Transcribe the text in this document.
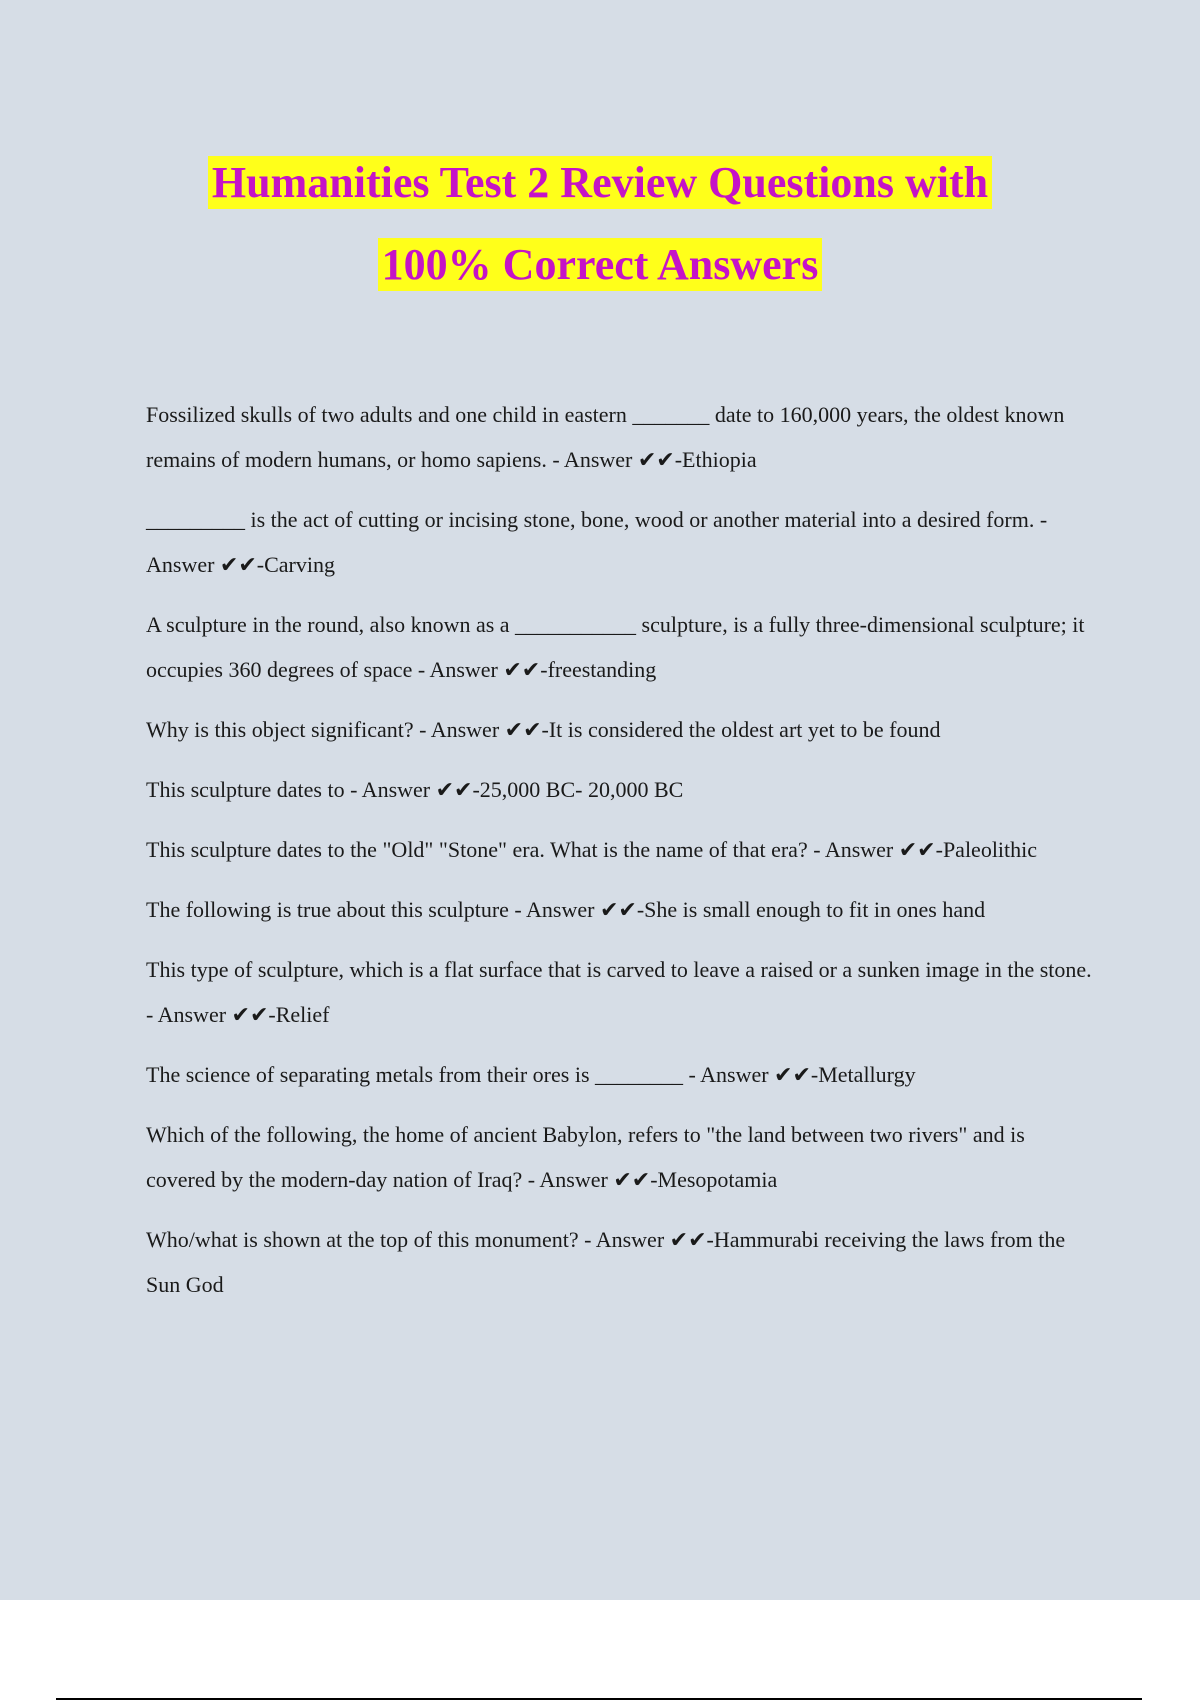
Humanities Test 2 Review Questions with
100% Correct Answers

Fossilized skulls of two adults and one child in eastern _______ date to 160,000 years, the oldest known remains of modern humans, or homo sapiens. - Answer ✔✔-Ethiopia

_________ is the act of cutting or incising stone, bone, wood or another material into a desired form. - Answer ✔✔-Carving

A sculpture in the round, also known as a ___________ sculpture, is a fully three-dimensional sculpture; it occupies 360 degrees of space - Answer ✔✔-freestanding

Why is this object significant? - Answer ✔✔-It is considered the oldest art yet to be found

This sculpture dates to - Answer ✔✔-25,000 BC- 20,000 BC

This sculpture dates to the "Old" "Stone" era. What is the name of that era? - Answer ✔✔-Paleolithic

The following is true about this sculpture - Answer ✔✔-She is small enough to fit in ones hand

This type of sculpture, which is a flat surface that is carved to leave a raised or a sunken image in the stone. - Answer ✔✔-Relief

The science of separating metals from their ores is ________ - Answer ✔✔-Metallurgy

Which of the following, the home of ancient Babylon, refers to "the land between two rivers" and is covered by the modern-day nation of Iraq? - Answer ✔✔-Mesopotamia

Who/what is shown at the top of this monument? - Answer ✔✔-Hammurabi receiving the laws from the Sun God
